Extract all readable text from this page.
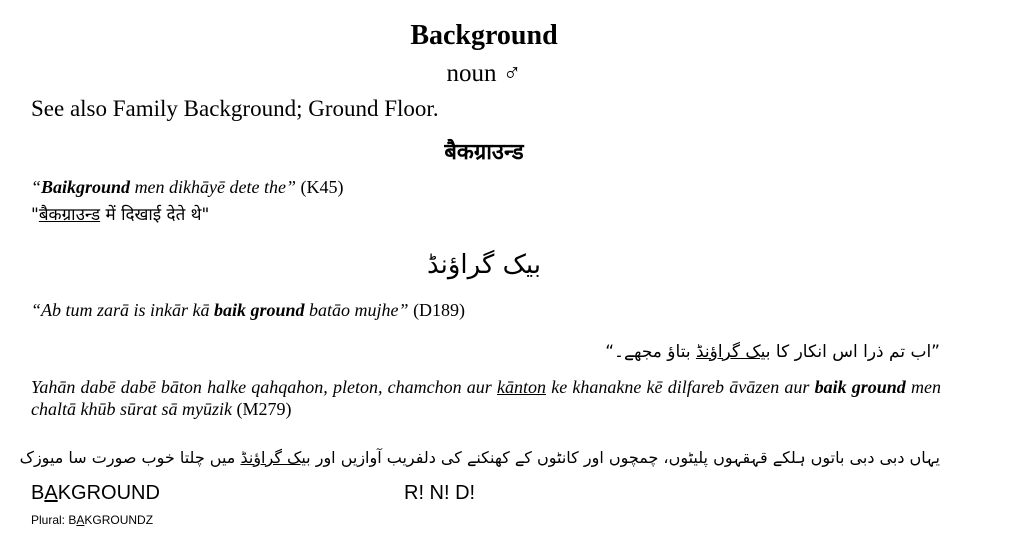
Background
noun ♂
See also Family Background; Ground Floor.
बैकग्राउन्ड
“Baikground men dikhāyē dete the” (K45)
"बैकग्राउन्ड में दिखाई देते थे"
بیک گراؤنڈ
“Ab tum zarā is inkār kā baik ground batāo mujhe” (D189)
”اب تم ذرا اس انکار کا بیک گراؤنڈ بتاؤ مجھے۔“
Yahān dabē dabē bāton halke qahqahon, pleton, chamchon aur kānton ke khanakne kē dilfareb āvāzen aur baik ground men chaltā khūb sūrat sā myūzik (M279)
یہاں دبی دبی باتوں ہلکے قہقہوں پلیٹوں، چمچوں اور کانٹوں کے کھنکنے کی دلفریب آوازیں اور بیک گراؤنڈ میں چلتا خوب صورت سا میوزک
BAKGROUND	R! N! D!
Plural: BAKGROUNDZ
